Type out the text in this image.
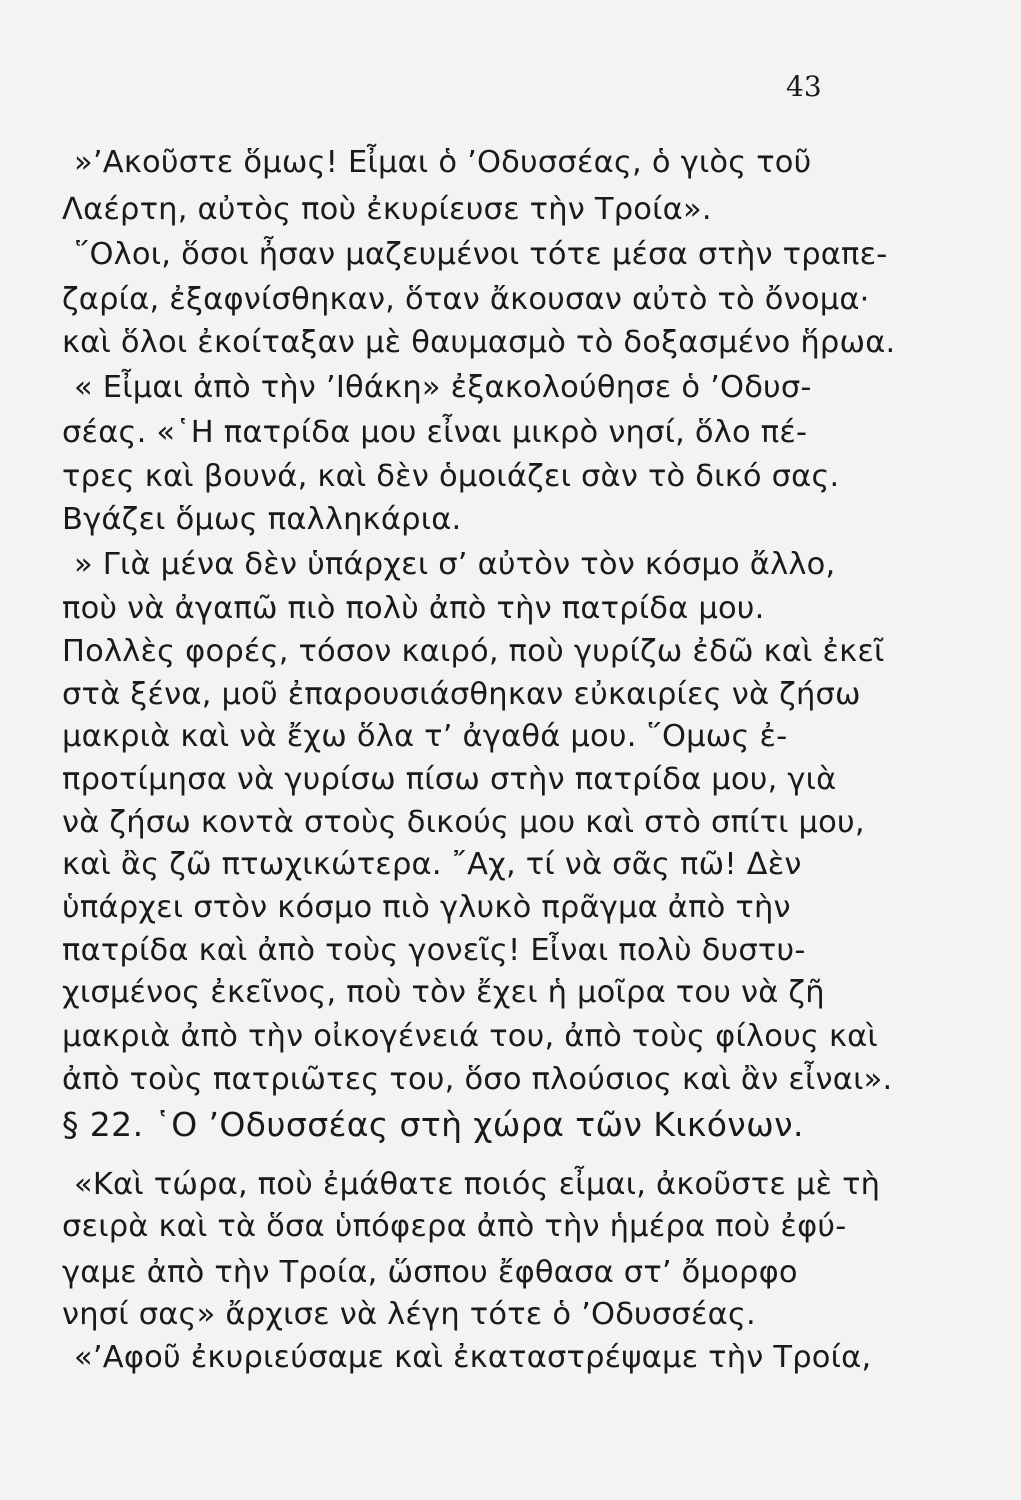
43
»’Ακοῦστε ὅμως! Εἶμαι ὁ ’Οδυσσέας, ὁ γιὸς τοῦ
Λαέρτη, αὐτὸς ποὺ ἐκυρίευσε τὴν Τροία».
῞Ολοι, ὅσοι ἦσαν μαζευμένοι τότε μέσα στὴν τραπε-
ζαρία, ἐξαφνίσθηκαν, ὅταν ἄκουσαν αὐτὸ τὸ ὄνομα·
καὶ ὅλοι ἐκοίταξαν μὲ θαυμασμὸ τὸ δοξασμένο ἥρωα.
« Εἶμαι ἀπὸ τὴν ’Ιθάκη» ἐξακολούθησε ὁ ’Οδυσ-
σέας. «῾Η πατρίδα μου εἶναι μικρὸ νησί, ὅλο πέ-
τρες καὶ βουνά, καὶ δὲν ὁμοιάζει σὰν τὸ δικό σας.
Βγάζει ὅμως παλληκάρια.
» Γιὰ μένα δὲν ὑπάρχει σ’ αὐτὸν τὸν κόσμο ἄλλο,
ποὺ νὰ ἀγαπῶ πιὸ πολὺ ἀπὸ τὴν πατρίδα μου.
Πολλὲς φορές, τόσον καιρό, ποὺ γυρίζω ἐδῶ καὶ ἐκεῖ
στὰ ξένα, μοῦ ἐπαρουσιάσθηκαν εὐκαιρίες νὰ ζήσω
μακριὰ καὶ νὰ ἔχω ὅλα τ’ ἀγαθά μου. ῞Ομως ἐ-
προτίμησα νὰ γυρίσω πίσω στὴν πατρίδα μου, γιὰ
νὰ ζήσω κοντὰ στοὺς δικούς μου καὶ στὸ σπίτι μου,
καὶ ἂς ζῶ πτωχικώτερα. ῎Αχ, τί νὰ σᾶς πῶ! Δὲν
ὑπάρχει στὸν κόσμο πιὸ γλυκὸ πρᾶγμα ἀπὸ τὴν
πατρίδα καὶ ἀπὸ τοὺς γονεῖς! Εἶναι πολὺ δυστυ-
χισμένος ἐκεῖνος, ποὺ τὸν ἔχει ἡ μοῖρα του νὰ ζῆ
μακριὰ ἀπὸ τὴν οἰκογένειά του, ἀπὸ τοὺς φίλους καὶ
ἀπὸ τοὺς πατριῶτες του, ὅσο πλούσιος καὶ ἂν εἶναι».
§ 22. ῾Ο ’Οδυσσέας στὴ χώρα τῶν Κικόνων.
«Καὶ τώρα, ποὺ ἐμάθατε ποιός εἶμαι, ἀκοῦστε μὲ τὴ
σειρὰ καὶ τὰ ὅσα ὑπόφερα ἀπὸ τὴν ἡμέρα ποὺ ἐφύ-
γαμε ἀπὸ τὴν Τροία, ὥσπου ἔφθασα στ’ ὄμορφο
νησί σας» ἄρχισε νὰ λέγη τότε ὁ ’Οδυσσέας.
«’Αφοῦ ἐκυριεύσαμε καὶ ἐκαταστρέψαμε τὴν Τροία,
